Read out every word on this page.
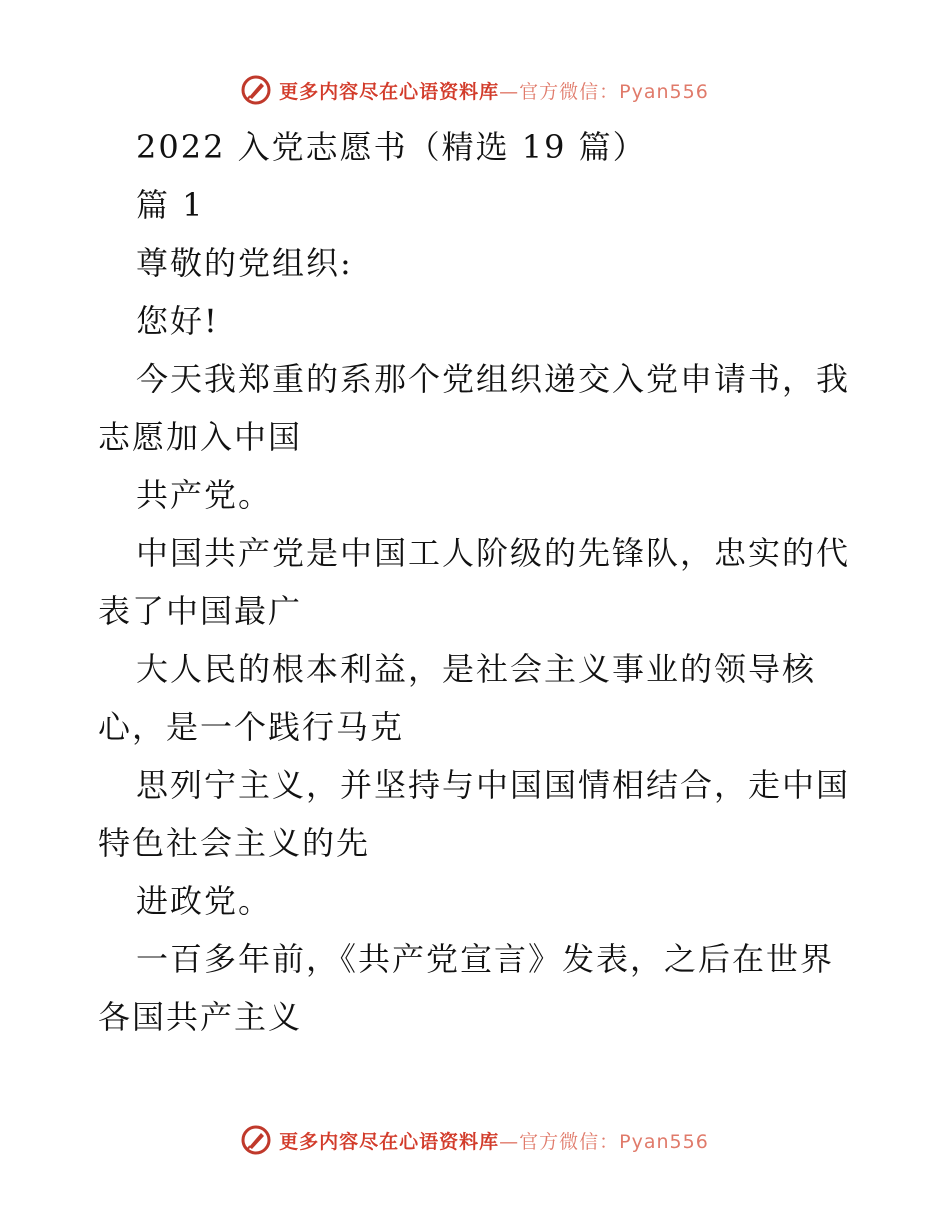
更多内容尽在心语资料库 —官方微信：Pyan556

2022 入党志愿书（精选 19 篇）

篇 1

尊敬的党组织:

您好!

今天我郑重的系那个党组织递交入党申请书，我

志愿加入中国

共产党。

中国共产党是中国工人阶级的先锋队，忠实的代

表了中国最广

大人民的根本利益，是社会主义事业的领导核

心，是一个践行马克

思列宁主义，并坚持与中国国情相结合，走中国

特色社会主义的先

进政党。

一百多年前，《共产党宣言》发表，之后在世界

各国共产主义

更多内容尽在心语资料库 —官方微信：Pyan556
